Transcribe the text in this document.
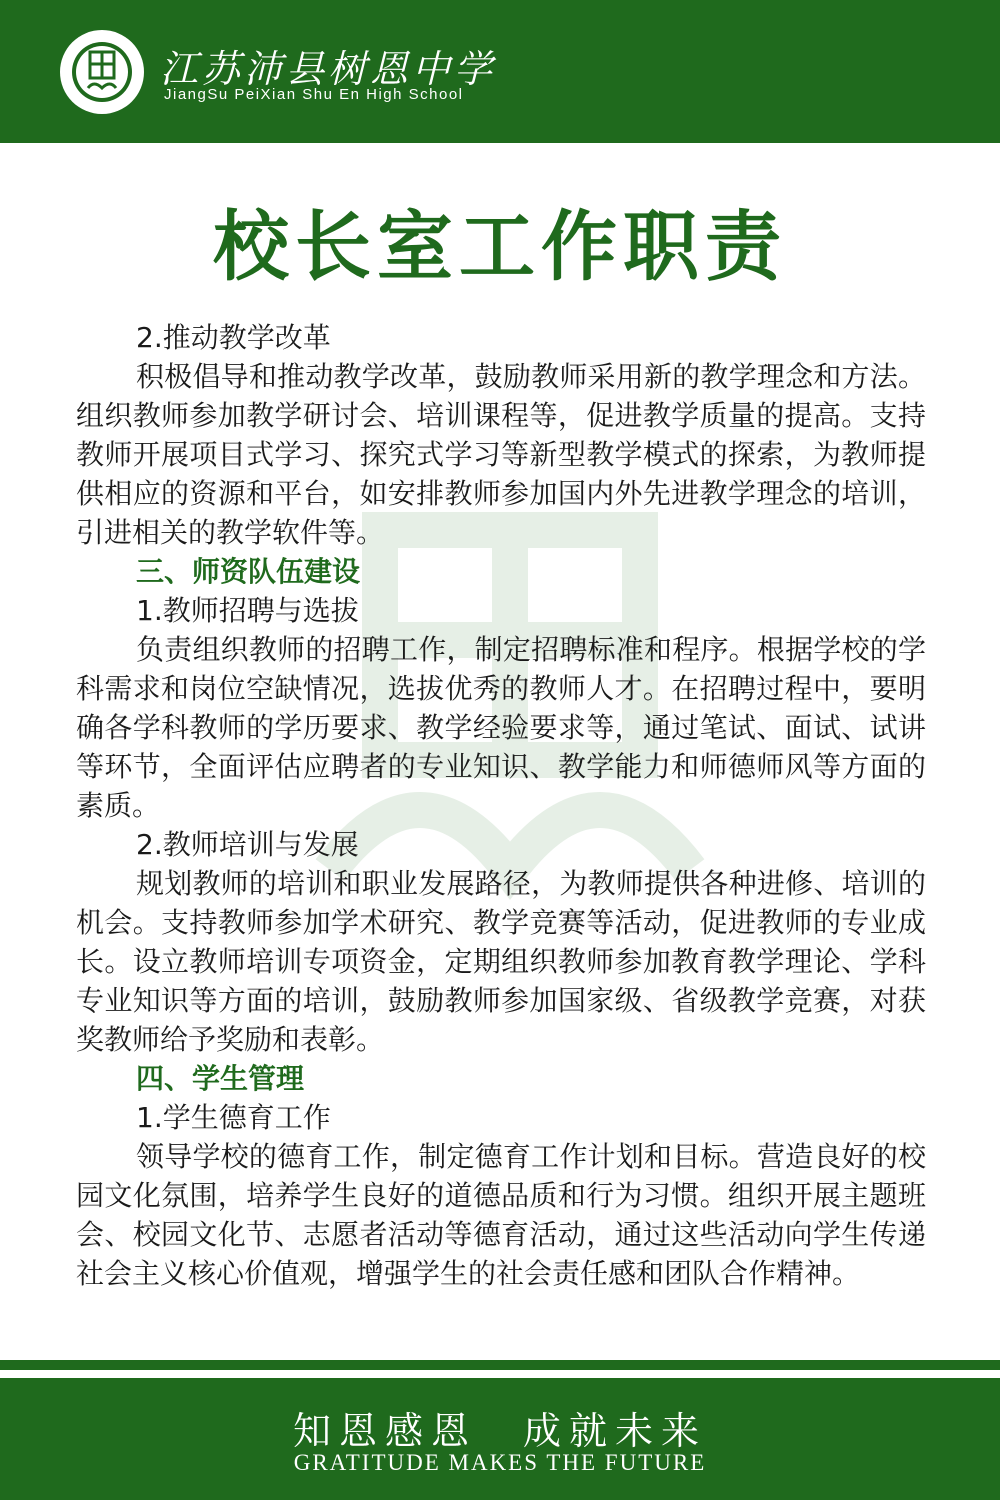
江苏沛县树恩中学
JiangSu PeiXian Shu En High School
校长室工作职责

2.推动教学改革

积极倡导和推动教学改革，鼓励教师采用新的教学理念和方法。组织教师参加教学研讨会、培训课程等，促进教学质量的提高。支持教师开展项目式学习、探究式学习等新型教学模式的探索，为教师提供相应的资源和平台，如安排教师参加国内外先进教学理念的培训，引进相关的教学软件等。

三、师资队伍建设

1.教师招聘与选拔

负责组织教师的招聘工作，制定招聘标准和程序。根据学校的学科需求和岗位空缺情况，选拔优秀的教师人才。在招聘过程中，要明确各学科教师的学历要求、教学经验要求等，通过笔试、面试、试讲等环节，全面评估应聘者的专业知识、教学能力和师德师风等方面的素质。

2.教师培训与发展

规划教师的培训和职业发展路径，为教师提供各种进修、培训的机会。支持教师参加学术研究、教学竞赛等活动，促进教师的专业成长。设立教师培训专项资金，定期组织教师参加教育教学理论、学科专业知识等方面的培训，鼓励教师参加国家级、省级教学竞赛，对获奖教师给予奖励和表彰。

四、学生管理

1.学生德育工作

领导学校的德育工作，制定德育工作计划和目标。营造良好的校园文化氛围，培养学生良好的道德品质和行为习惯。组织开展主题班会、校园文化节、志愿者活动等德育活动，通过这些活动向学生传递社会主义核心价值观，增强学生的社会责任感和团队合作精神。

知恩感恩　成就未来
GRATITUDE MAKES THE FUTURE
